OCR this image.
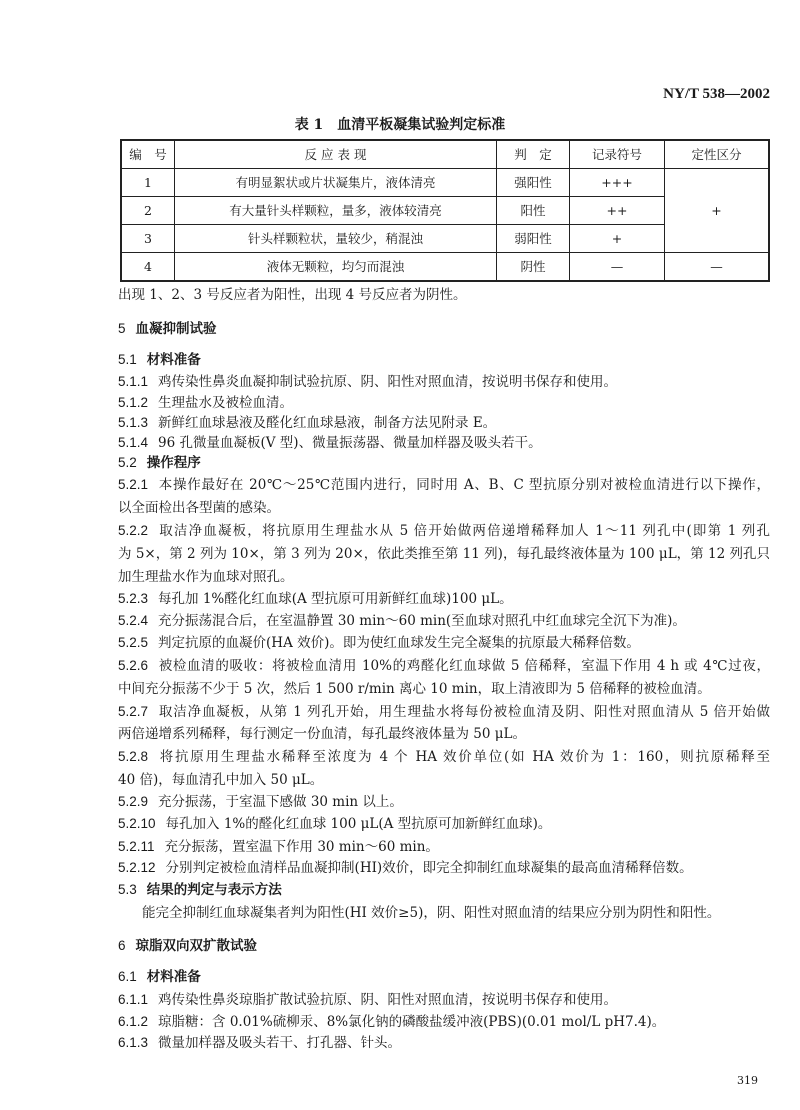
NY/T 538—2002
表 1　血清平板凝集试验判定标准
编　号	反 应 表 现	判　定	记录符号	定性区分
1	有明显絮状或片状凝集片，液体清亮	强阳性	+++	+
2	有大量针头样颗粒，量多，液体较清亮	阳性	++	
3	针头样颗粒状，量较少，稍混浊	弱阳性	+	
4	液体无颗粒，均匀而混浊	阴性	—	—
出现 1、2、3 号反应者为阳性，出现 4 号反应者为阴性。
5 血凝抑制试验
5.1 材料准备
5.1.1 鸡传染性鼻炎血凝抑制试验抗原、阴、阳性对照血清，按说明书保存和使用。
5.1.2 生理盐水及被检血清。
5.1.3 新鲜红血球悬液及醛化红血球悬液，制备方法见附录 E。
5.1.4 96 孔微量血凝板(V 型)、微量振荡器、微量加样器及吸头若干。
5.2 操作程序
5.2.1 本操作最好在 20℃～25℃范围内进行，同时用 A、B、C 型抗原分别对被检血清进行以下操作，
以全面检出各型菌的感染。
5.2.2 取洁净血凝板，将抗原用生理盐水从 5 倍开始做两倍递增稀释加人 1～11 列孔中(即第 1 列孔
为 5×，第 2 列为 10×，第 3 列为 20×，依此类推至第 11 列)，每孔最终液体量为 100 μL，第 12 列孔只
加生理盐水作为血球对照孔。
5.2.3 每孔加 1%醛化红血球(A 型抗原可用新鲜红血球)100 μL。
5.2.4 充分振荡混合后，在室温静置 30 min～60 min(至血球对照孔中红血球完全沉下为准)。
5.2.5 判定抗原的血凝价(HA 效价)。即为使红血球发生完全凝集的抗原最大稀释倍数。
5.2.6 被检血清的吸收：将被检血清用 10%的鸡醛化红血球做 5 倍稀释，室温下作用 4 h 或 4℃过夜，
中间充分振荡不少于 5 次，然后 1 500 r/min 离心 10 min，取上清液即为 5 倍稀释的被检血清。
5.2.7 取洁净血凝板，从第 1 列孔开始，用生理盐水将每份被检血清及阴、阳性对照血清从 5 倍开始做
两倍递增系列稀释，每行测定一份血清，每孔最终液体量为 50 μL。
5.2.8 将抗原用生理盐水稀释至浓度为 4 个 HA 效价单位(如 HA 效价为 1：160，则抗原稀释至
40 倍)，每血清孔中加入 50 μL。
5.2.9 充分振荡，于室温下感做 30 min 以上。
5.2.10 每孔加入 1%的醛化红血球 100 μL(A 型抗原可加新鲜红血球)。
5.2.11 充分振荡，置室温下作用 30 min～60 min。
5.2.12 分别判定被检血清样品血凝抑制(HI)效价，即完全抑制红血球凝集的最高血清稀释倍数。
5.3 结果的判定与表示方法
能完全抑制红血球凝集者判为阳性(HI 效价≥5)，阴、阳性对照血清的结果应分别为阴性和阳性。
6 琼脂双向双扩散试验
6.1 材料准备
6.1.1 鸡传染性鼻炎琼脂扩散试验抗原、阴、阳性对照血清，按说明书保存和使用。
6.1.2 琼脂糖：含 0.01%硫柳汞、8%氯化钠的磷酸盐缓冲液(PBS)(0.01 mol/L pH7.4)。
6.1.3 微量加样器及吸头若干、打孔器、针头。
319
